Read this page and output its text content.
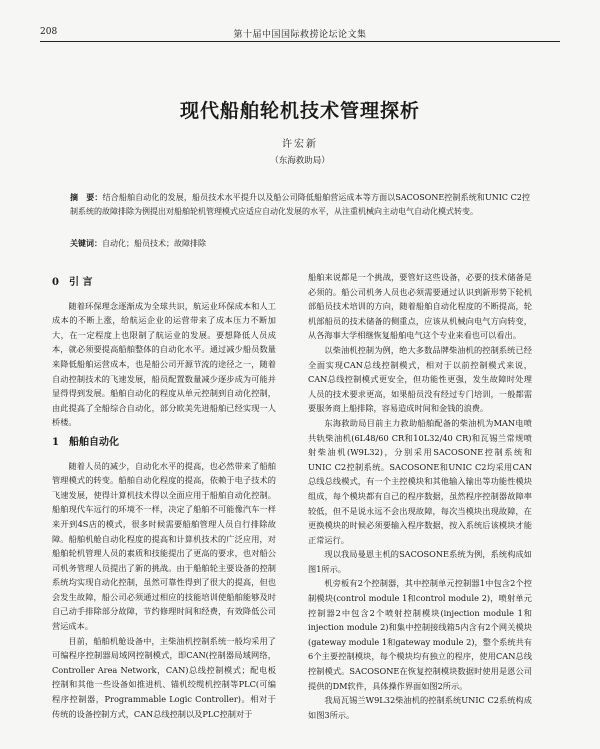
208	第十届中国国际救捞论坛论文集
现代船舶轮机技术管理探析
许宏新
（东海救助局）
摘　要：结合船舶自动化的发展，船员技术水平提升以及船公司降低船舶营运成本等方面以SACOSONE控制系统和UNIC C2控制系统的故障排除为例提出对船舶轮机管理模式应适应自动化发展的水平，从注重机械向主动电气自动化模式转变。
关键词：自动化；船员技术；故障排除
0　引 言

随着环保理念逐渐成为全球共识，航运业环保成本和人工成本的不断上涨，给航运企业的运营带来了成本压力不断加大，在一定程度上也限制了航运业的发展。要想降低人员成本，就必须要提高船舶整体的自动化水平。通过减少船员数量来降低船舶运营成本，也是船公司开源节流的途径之一，随着自动控制技术的飞速发展，船员配置数量减少逐步成为可能并显得得到发展。船舶自动化的程度从单元控制到自动化控制，由此提高了全船综合自动化，部分欧美先进船舶已经实现一人桥楼。

1　船舶自动化

随着人员的减少，自动化水平的提高，也必然带来了船舶管理模式的转变。船舶自动化程度的提高，依赖于电子技术的飞速发展，使得计算机技术得以全面应用于船舶自动化控制。船舶现代车远行的环境不一样，决定了船舶不可能像汽车一样来开到4S店的模式，很多时候需要船舶管理人员自行排除故障。船舶机舱自动化程度的提高和计算机技术的广泛应用，对船舶轮机管理人员的素质和技能提出了更高的要求，也对船公司机务管理人员提出了新的挑战。由于船舶轮主要设备的控制系统均实现自动化控制，虽然可靠性得到了很大的提高，但也会发生故障，船公司必须通过相应的技能培训使船舶能够及时自己动手排除部分故障，节约修理时间和经费，有效降低公司营运成本。

目前，船舶机舱设备中，主柴油机控制系统一般均采用了可编程序控制器局域网控制模式，即CAN(控制器局域网络，Controller Area Network，CAN)总线控制模式；配电板控制和其他一些设备如推进机、锚机绞缆机控制等PLC(可编程序控制器，Programmable Logic Controller)。相对于传统的设备控制方式，CAN总线控制以及PLC控制对于

船舶来说都是一个挑战，要管好这些设备，必要的技术储备是必须的。船公司机务人员也必须需要通过认识到新形势下轮机部船员技术培训的方向，随着船舶自动化程度的不断提高，轮机部船员的技术储备的侧重点，应该从机械向电气方向转变，从各海事大学相继恢复船舶电气这个专业来看也可以看出。

以柴油机控制为例，绝大多数品牌柴油机的控制系统已经全面实现CAN总线控制模式，相对于以前控制模式来说，CAN总线控制模式更安全，但功能性更强，发生故障时处理人员的技术要求更高，如果船员没有经过专门培训，一般都需要服务商上船排除，容易造成时间和金钱的浪费。

东海救助局目前主力救助船舶配备的柴油机为MAN电喷共轨柴油机(6L48/60 CR和10L32/40 CR)和瓦锡兰常规喷射柴油机(W9L32)，分别采用SACOSONE控制系统和UNIC C2控制系统。SACOSONE和UNIC C2均采用CAN总线总线模式，有一个主控模块和其他输入输出等功能性模块组成，每个模块都有自己的程序数据，虽然程序控制器故障率较低，但不是说永远不会出现故障，每次当模块出现故障，在更换模块的时候必须要输入程序数据，按入系统后该模块才能正常运行。

现以我局曼恩主机的SACOSONE系统为例，系统构成如图1所示。

机旁板有2个控制器，其中控制单元控制器1中包含2个控制模块(control module 1和control module 2)，喷射单元控制器2中包含2个喷射控制模块(injection module 1和injection module 2)和集中控制接线箱5内含有2个网关模块(gateway module 1和gateway module 2)，整个系统共有6个主要控制模块，每个模块均有独立的程序，使用CAN总线控制模式。SACOSONE在恢复控制模块数据时使用是恩公司提供的DM软件，具体操作界面如图2所示。

我局瓦锡兰W9L32柴油机的控制系统UNIC C2系统构成如图3所示。
